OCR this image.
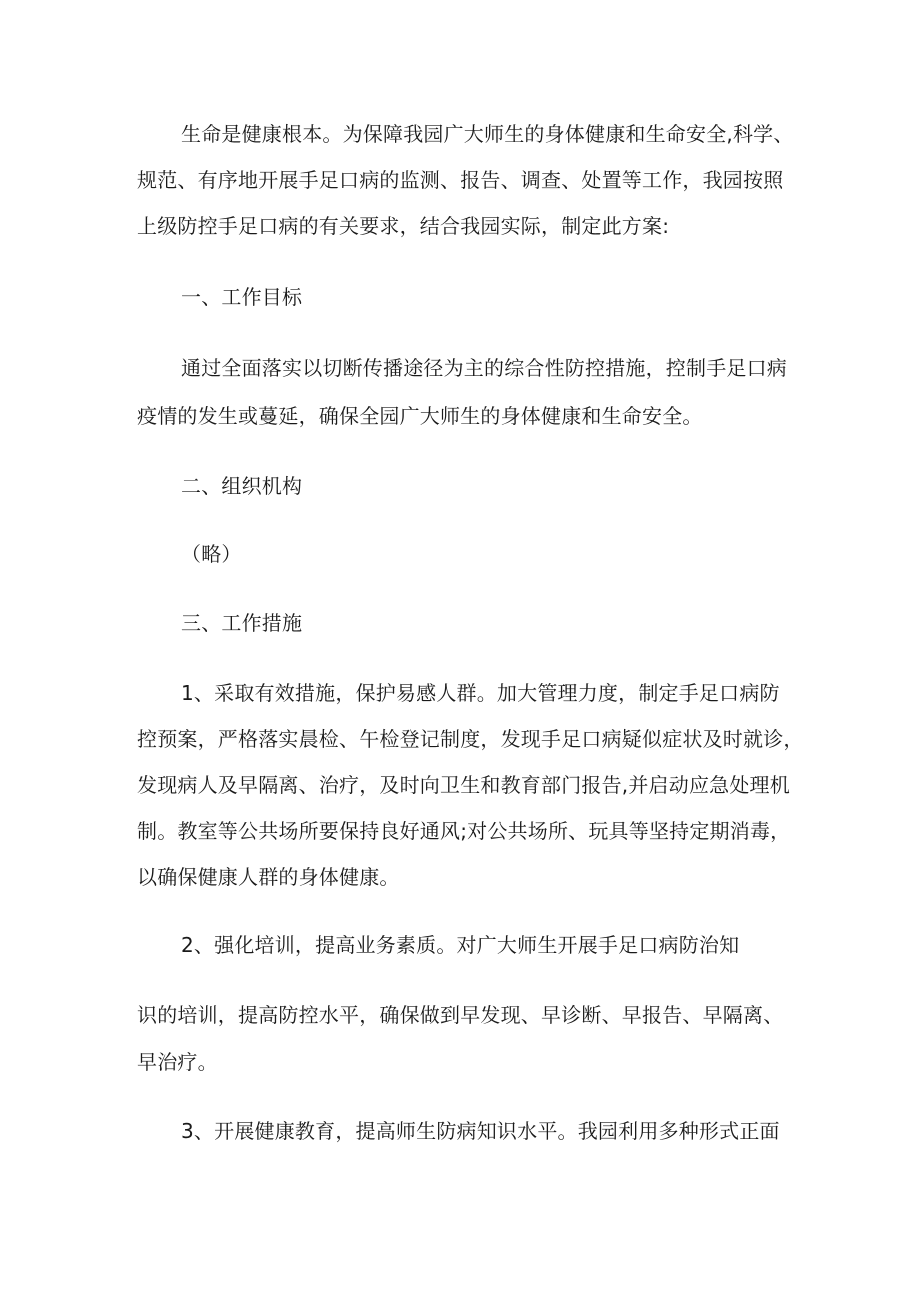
生命是健康根本。为保障我园广大师生的身体健康和生命安全,科学、

规范、有序地开展手足口病的监测、报告、调查、处置等工作，我园按照

上级防控手足口病的有关要求，结合我园实际，制定此方案:

一、工作目标

通过全面落实以切断传播途径为主的综合性防控措施，控制手足口病

疫情的发生或蔓延，确保全园广大师生的身体健康和生命安全。

二、组织机构

（略）

三、工作措施

1、采取有效措施，保护易感人群。加大管理力度，制定手足口病防

控预案，严格落实晨检、午检登记制度，发现手足口病疑似症状及时就诊，

发现病人及早隔离、治疗，及时向卫生和教育部门报告,并启动应急处理机

制。教室等公共场所要保持良好通风;对公共场所、玩具等坚持定期消毒，

以确保健康人群的身体健康。

2、强化培训，提高业务素质。对广大师生开展手足口病防治知

识的培训，提高防控水平，确保做到早发现、早诊断、早报告、早隔离、

早治疗。

3、开展健康教育，提高师生防病知识水平。我园利用多种形式正面
